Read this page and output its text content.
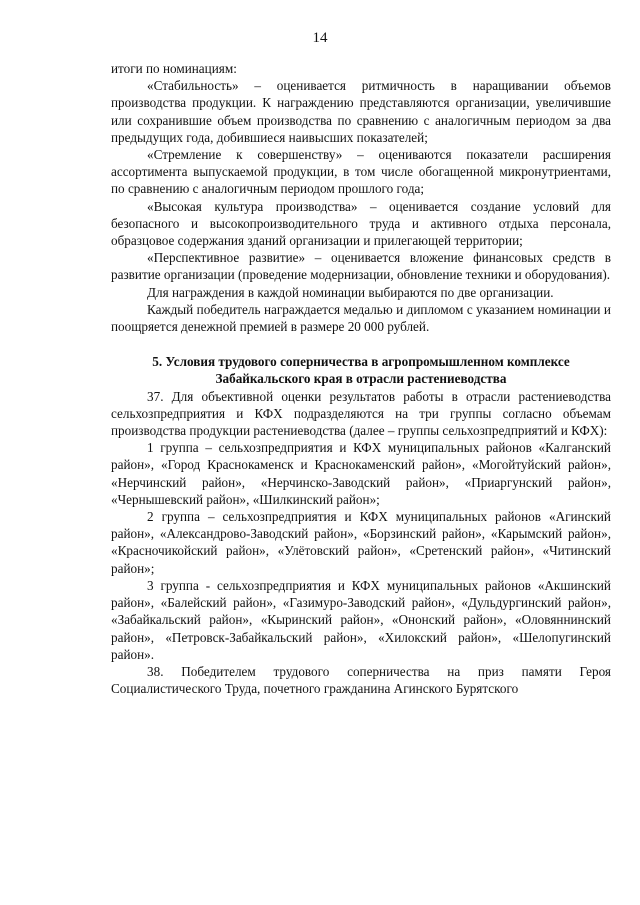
14

итоги по номинациям:

«Стабильность» – оценивается ритмичность в наращивании объемов производства продукции. К награждению представляются организации, увеличившие или сохранившие объем производства по сравнению с аналогичным периодом за два предыдущих года, добившиеся наивысших показателей;

«Стремление к совершенству» – оцениваются показатели расширения ассортимента выпускаемой продукции, в том числе обогащенной микронутриентами, по сравнению с аналогичным периодом прошлого года;

«Высокая культура производства» – оценивается создание условий для безопасного и высокопроизводительного труда и активного отдыха персонала, образцовое содержания зданий организации и прилегающей территории;

«Перспективное развитие» – оценивается вложение финансовых средств в развитие организации (проведение модернизации, обновление техники и оборудования).

Для награждения в каждой номинации выбираются по две организации.

Каждый победитель награждается медалью и дипломом с указанием номинации и поощряется денежной премией в размере 20 000 рублей.

5. Условия трудового соперничества в агропромышленном комплексе Забайкальского края в отрасли растениеводства

37. Для объективной оценки результатов работы в отрасли растениеводства сельхозпредприятия и КФХ подразделяются на три группы согласно объемам производства продукции растениеводства (далее – группы сельхозпредприятий и КФХ):

1 группа – сельхозпредприятия и КФХ муниципальных районов «Калганский район», «Город Краснокаменск и Краснокаменский район», «Могойтуйский район», «Нерчинский район», «Нерчинско-Заводский район», «Приаргунский район», «Чернышевский район», «Шилкинский район»;

2 группа – сельхозпредприятия и КФХ муниципальных районов «Агинский район», «Александрово-Заводский район», «Борзинский район», «Карымский район», «Красночикойский район», «Улётовский район», «Сретенский район», «Читинский район»;

3 группа - сельхозпредприятия и КФХ муниципальных районов «Акшинский район», «Балейский район», «Газимуро-Заводский район», «Дульдургинский район», «Забайкальский район», «Кыринский район», «Ононский район», «Оловяннинский район», «Петровск-Забайкальский район», «Хилокский район», «Шелопугинский район».

38. Победителем трудового соперничества на приз памяти Героя Социалистического Труда, почетного гражданина Агинского Бурятского
